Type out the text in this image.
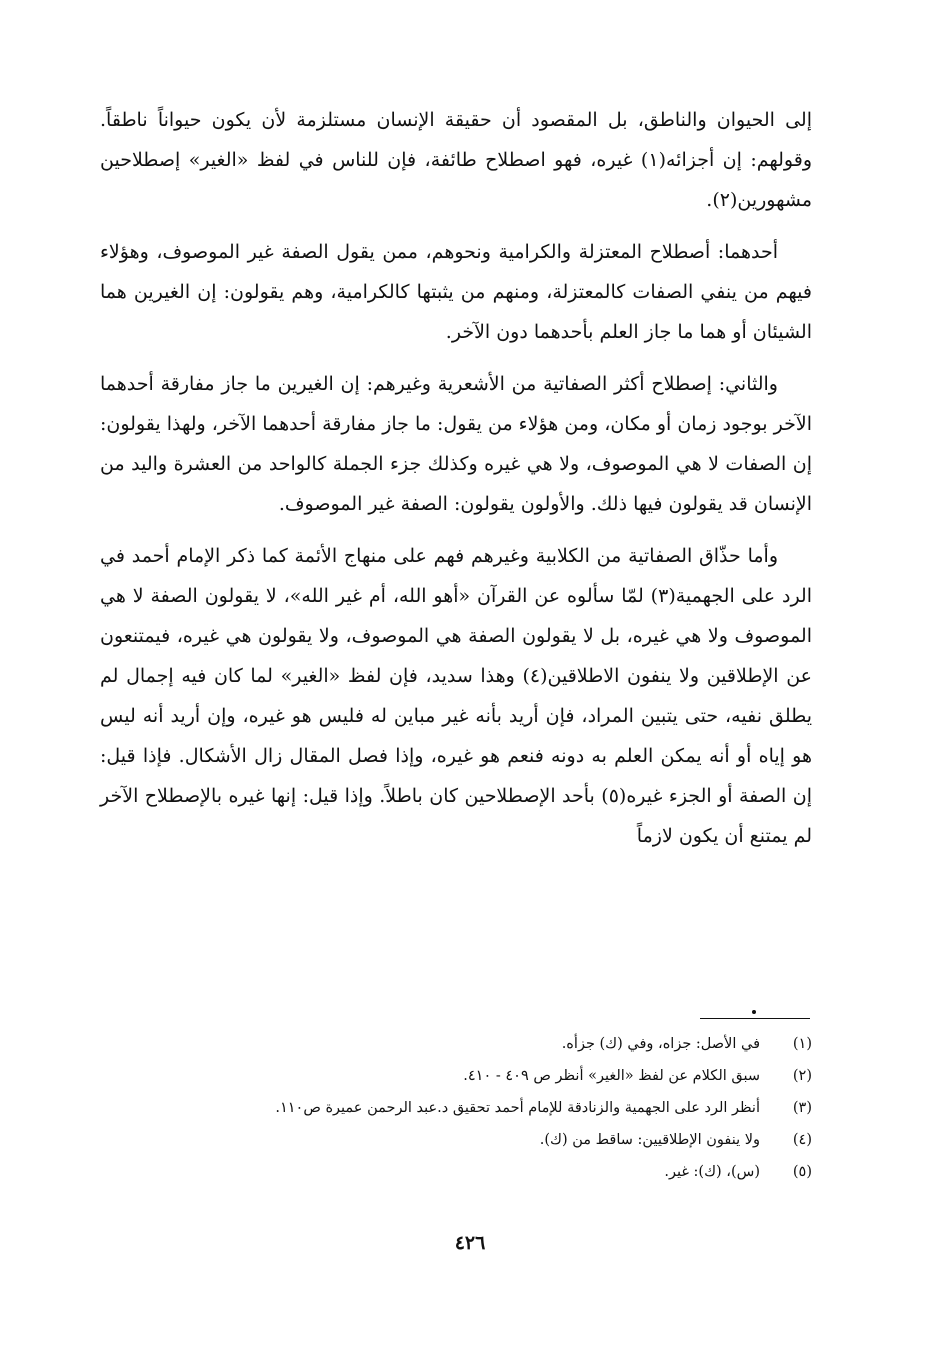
إلى الحيوان والناطق، بل المقصود أن حقيقة الإنسان مستلزمة لأن يكون حيواناً ناطقاً. وقولهم: إن أجزائه(١) غيره، فهو اصطلاح طائفة، فإن للناس في لفظ «الغير» إصطلاحين مشهورين(٢).

أحدهما: أصطلاح المعتزلة والكرامية ونحوهم، ممن يقول الصفة غير الموصوف، وهؤلاء فيهم من ينفي الصفات كالمعتزلة، ومنهم من يثبتها كالكرامية، وهم يقولون: إن الغيرين هما الشيئان أو هما ما جاز العلم بأحدهما دون الآخر.

والثاني: إصطلاح أكثر الصفاتية من الأشعرية وغيرهم: إن الغيرين ما جاز مفارقة أحدهما الآخر بوجود زمان أو مكان، ومن هؤلاء من يقول: ما جاز مفارقة أحدهما الآخر، ولهذا يقولون: إن الصفات لا هي الموصوف، ولا هي غيره وكذلك جزء الجملة كالواحد من العشرة واليد من الإنسان قد يقولون فيها ذلك. والأولون يقولون: الصفة غير الموصوف.

وأما حذّاق الصفاتية من الكلابية وغيرهم فهم على منهاج الأئمة كما ذكر الإمام أحمد في الرد على الجهمية(٣) لمّا سألوه عن القرآن «أهو الله، أم غير الله»، لا يقولون الصفة لا هي الموصوف ولا هي غيره، بل لا يقولون الصفة هي الموصوف، ولا يقولون هي غيره، فيمتنعون عن الإطلاقين ولا ينفون الاطلاقين(٤) وهذا سديد، فإن لفظ «الغير» لما كان فيه إجمال لم يطلق نفيه، حتى يتبين المراد، فإن أريد بأنه غير مباين له فليس هو غيره، وإن أريد أنه ليس هو إياه أو أنه يمكن العلم به دونه فنعم هو غيره، وإذا فصل المقال زال الأشكال. فإذا قيل: إن الصفة أو الجزء غيره(٥) بأحد الإصطلاحين كان باطلاً. وإذا قيل: إنها غيره بالإصطلاح الآخر لم يمتنع أن يكون لازماً

(١)
في الأصل: جزاه، وفي (ك) جزأه.
(٢)
سبق الكلام عن لفظ «الغير» أنظر ص ٤٠٩ - ٤١٠.
(٣)
أنظر الرد على الجهمية والزنادقة للإمام أحمد تحقيق د.عبد الرحمن عميرة ص١١٠.
(٤)
ولا ينفون الإطلاقيين: ساقط من (ك).
(٥)
(س)، (ك): غير.
٤٢٦
